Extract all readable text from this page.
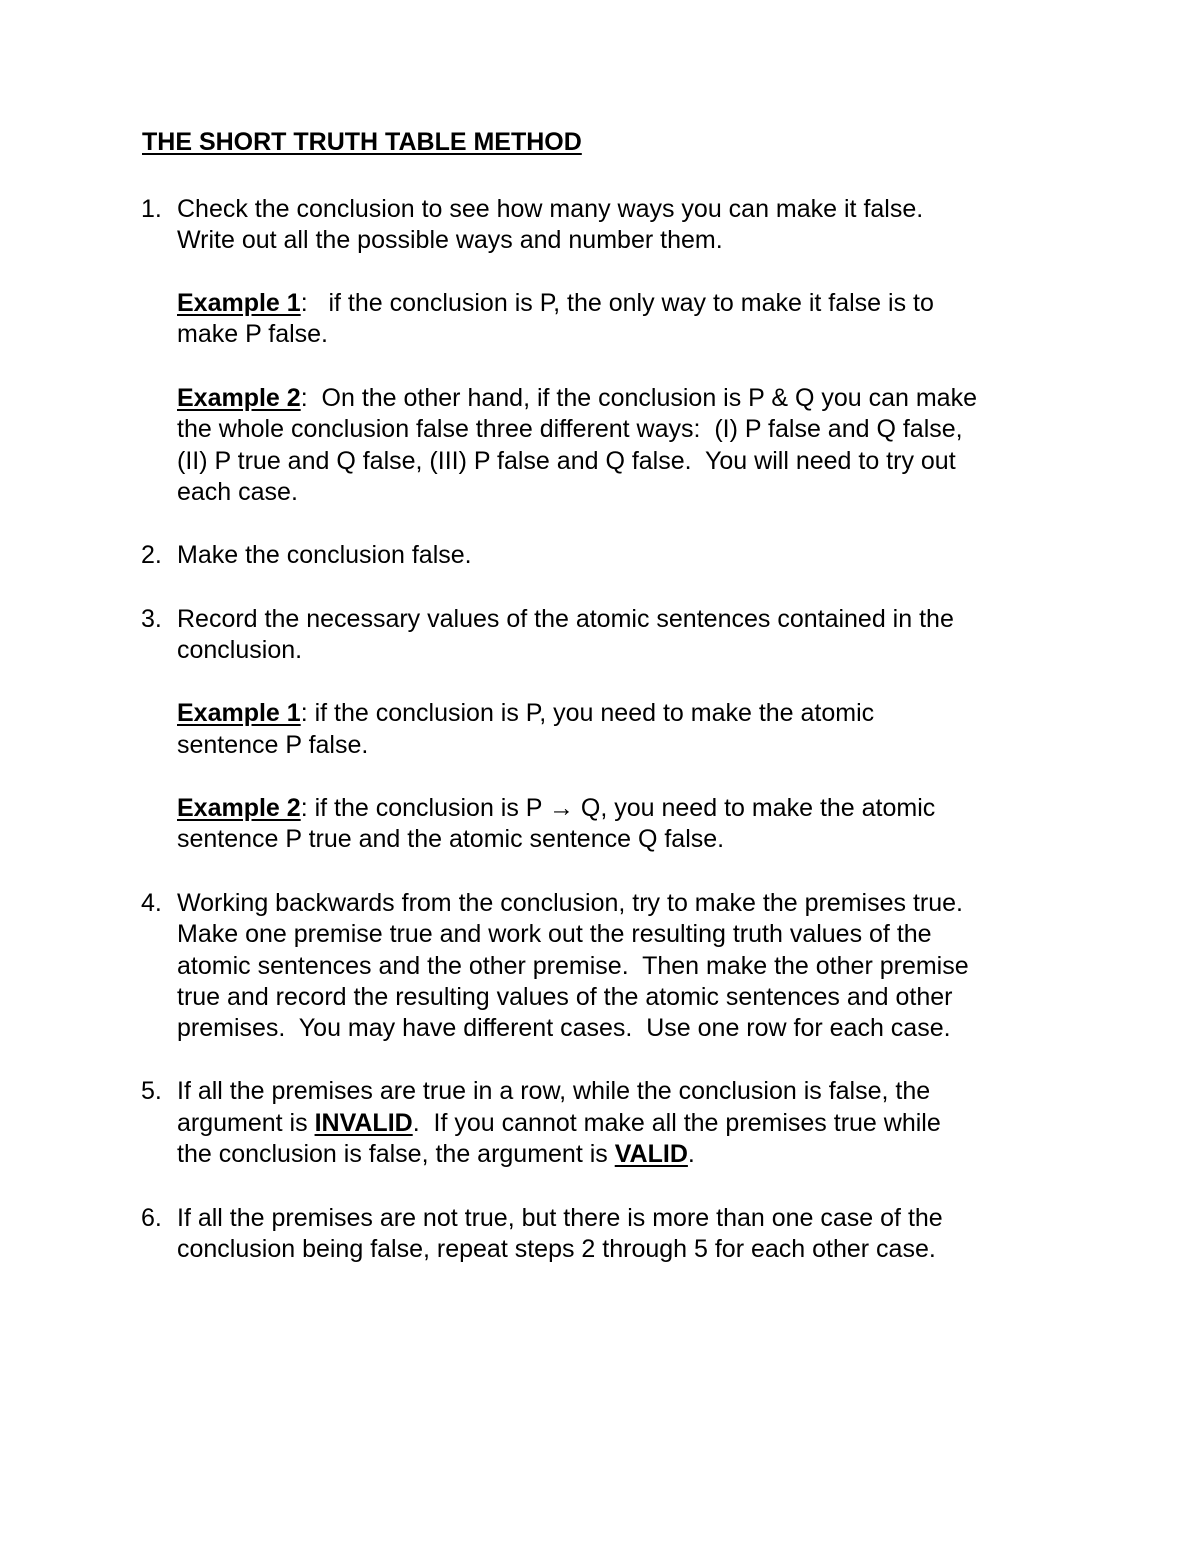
THE SHORT TRUTH TABLE METHOD
1. Check the conclusion to see how many ways you can make it false.
Write out all the possible ways and number them.
Example 1:   if the conclusion is P, the only way to make it false is to
make P false.
Example 2:  On the other hand, if the conclusion is P & Q you can make
the whole conclusion false three different ways:  (I) P false and Q false,
(II) P true and Q false, (III) P false and Q false.  You will need to try out
each case.
2. Make the conclusion false.
3. Record the necessary values of the atomic sentences contained in the
conclusion.
Example 1: if the conclusion is P, you need to make the atomic
sentence P false.
Example 2: if the conclusion is P → Q, you need to make the atomic
sentence P true and the atomic sentence Q false.
4. Working backwards from the conclusion, try to make the premises true.
Make one premise true and work out the resulting truth values of the
atomic sentences and the other premise.  Then make the other premise
true and record the resulting values of the atomic sentences and other
premises.  You may have different cases.  Use one row for each case.
5. If all the premises are true in a row, while the conclusion is false, the
argument is INVALID.  If you cannot make all the premises true while
the conclusion is false, the argument is VALID.
6. If all the premises are not true, but there is more than one case of the
conclusion being false, repeat steps 2 through 5 for each other case.
